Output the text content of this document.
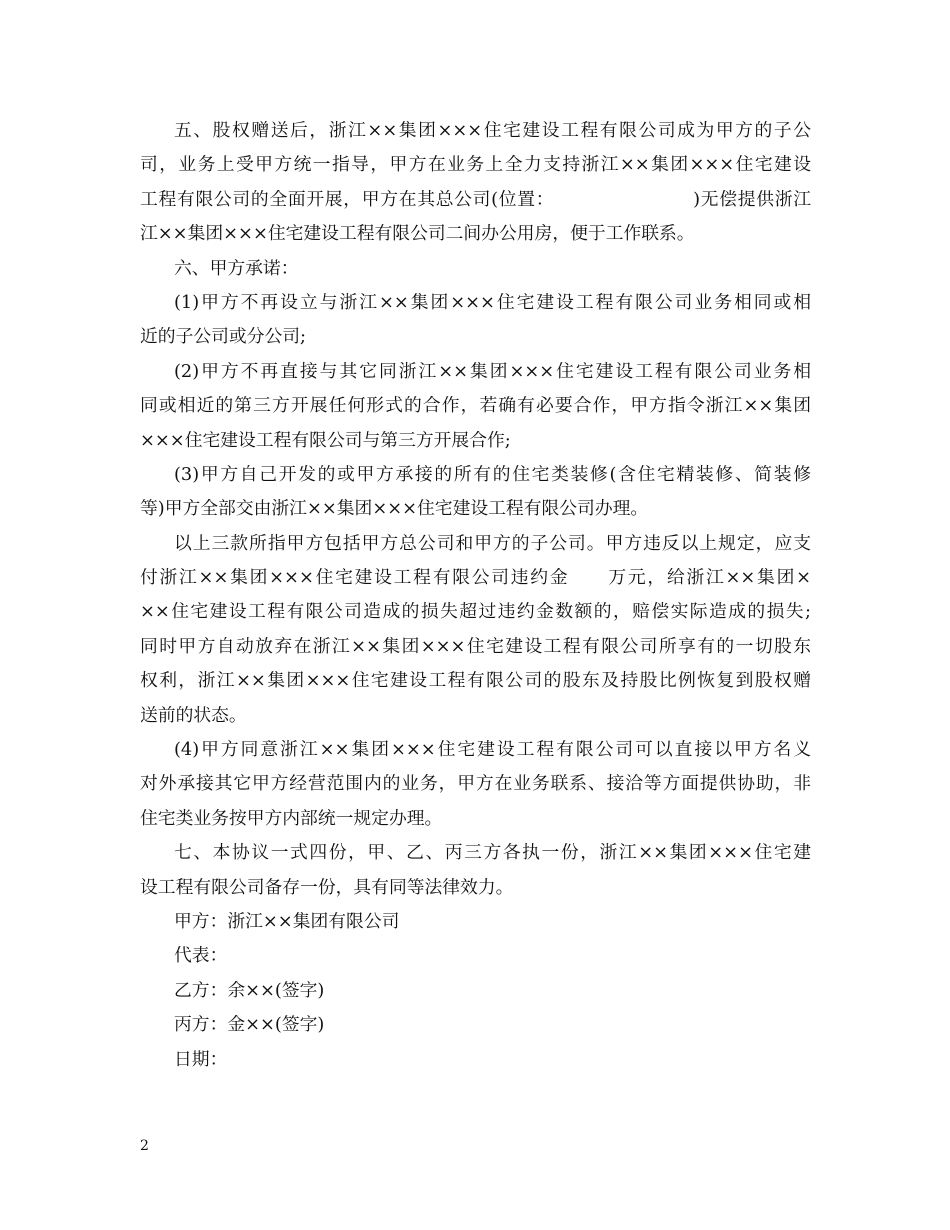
五、股权赠送后，浙江××集团×××住宅建设工程有限公司成为甲方的子公
司，业务上受甲方统一指导，甲方在业务上全力支持浙江××集团×××住宅建设
工程有限公司的全面开展，甲方在其总公司(位置：　　　　　　　　)无偿提供浙江
江××集团×××住宅建设工程有限公司二间办公用房，便于工作联系。
六、甲方承诺：
(1)甲方不再设立与浙江××集团×××住宅建设工程有限公司业务相同或相
近的子公司或分公司;
(2)甲方不再直接与其它同浙江××集团×××住宅建设工程有限公司业务相
同或相近的第三方开展任何形式的合作，若确有必要合作，甲方指令浙江××集团
×××住宅建设工程有限公司与第三方开展合作;
(3)甲方自己开发的或甲方承接的所有的住宅类装修(含住宅精装修、简装修
等)甲方全部交由浙江××集团×××住宅建设工程有限公司办理。
以上三款所指甲方包括甲方总公司和甲方的子公司。甲方违反以上规定，应支
付浙江××集团×××住宅建设工程有限公司违约金　　万元，给浙江××集团×
××住宅建设工程有限公司造成的损失超过违约金数额的，赔偿实际造成的损失;
同时甲方自动放弃在浙江××集团×××住宅建设工程有限公司所享有的一切股东
权利，浙江××集团×××住宅建设工程有限公司的股东及持股比例恢复到股权赠
送前的状态。
(4)甲方同意浙江××集团×××住宅建设工程有限公司可以直接以甲方名义
对外承接其它甲方经营范围内的业务，甲方在业务联系、接洽等方面提供协助，非
住宅类业务按甲方内部统一规定办理。
七、本协议一式四份，甲、乙、丙三方各执一份，浙江××集团×××住宅建
设工程有限公司备存一份，具有同等法律效力。
甲方：浙江××集团有限公司
代表：
乙方：余××(签字)
丙方：金××(签字)
日期：
2
